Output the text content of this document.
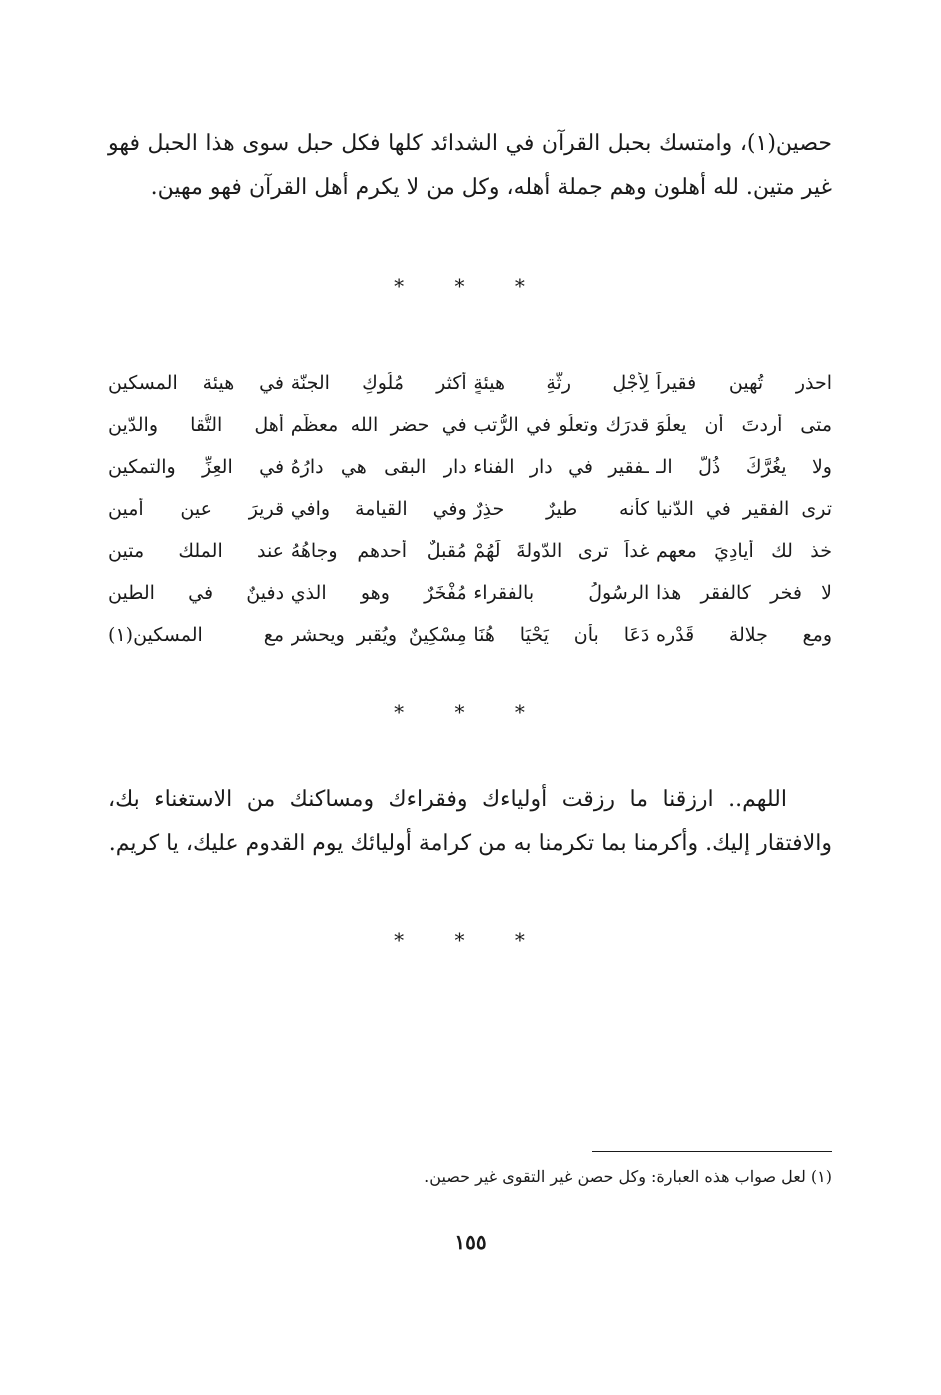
حصين(١)، وامتسك بحبل القرآن في الشدائد كلها فكل حبل سوى هذا الحبل فهو غير متين. لله أهلون وهم جملة أهله، وكل من لا يكرم أهل القرآن فهو مهين.

* * *
احذر تُهين فقيراً
لِأَجْلِ رِثَّةِ هيئةٍ
أكثر مُلُوكِ الجنّة
في هيئة المسكين
متى أردتَ أن يعلُوَ
قدرَك وتعلُو في الرُّتب
في حضر الله معظّم
أهل التُّقا والدّين
ولا يغُرَّكَ ذُلُّ الـ
ـفقير في دار الفناء
دار البقى هي دارُهُ
في العِزِّ والتمكين
ترى الفقير في الدّنيا
كأنه طيرٌ حذِرٌ
وفي القيامة وافي
قريرَ عين أمين
خذ لك أيادِيَ معهم
غداً ترى الدّولةَ لَهُمْ
مُقبلٌ أحدهم وجاهُهُ
عند الملك متين
لا فخر كالفقر هذا
الرسُولُ بالفقراء
مُفْخَرٌ وهو الذي
دفينٌ في الطين
ومع جلالة قَدْرِه
دَعَا بأن يَحْيَا هُنَا
مِسْكِينٌ ويُقبر ويحشر
مع المسكين(١)
* * *

اللهم.. ارزقنا ما رزقت أولياءك وفقراءك ومساكنك من الاستغناء بك، والافتقار إليك. وأكرمنا بما تكرمنا به من كرامة أوليائك يوم القدوم عليك، يا كريم.

* * *
(١) لعل صواب هذه العبارة: وكل حصن غير التقوى غير حصين.
١٥٥
